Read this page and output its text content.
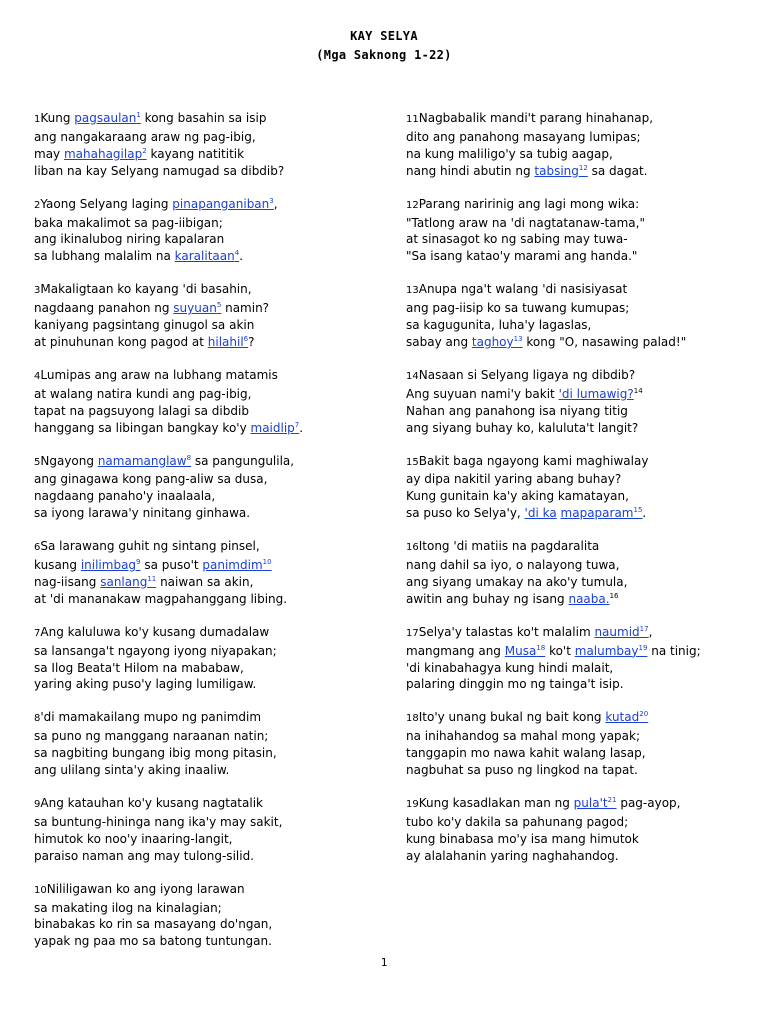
KAY SELYA
(Mga Saknong 1-22)
1Kung pagsaulan$^1$ kong basahin sa isip
ang nangakaraang araw ng pag-ibig,
may mahahagilap$^2$ kayang natititik
liban na kay Selyang namugad sa dibdib?
2Yaong Selyang laging pinapanganiban$^3$,
baka makalimot sa pag-iibigan;
ang ikinalubog niring kapalaran
sa lubhang malalim na karalitaan$^4$.
3Makaligtaan ko kayang 'di basahin,
nagdaang panahon ng suyuan$^5$ namin?
kaniyang pagsintang ginugol sa akin
at pinuhunan kong pagod at hilahil$^6$?
4Lumipas ang araw na lubhang matamis
at walang natira kundi ang pag-ibig,
tapat na pagsuyong lalagi sa dibdib
hanggang sa libingan bangkay ko'y maidlip$^7$.
5Ngayong namamanglaw$^8$ sa pangungulila,
ang ginagawa kong pang-aliw sa dusa,
nagdaang panaho'y inaalaala,
sa iyong larawa'y ninitang ginhawa.
6Sa larawang guhit ng sintang pinsel,
kusang inilimbag$^9$ sa puso't panimdim$^{10}$
nag-iisang sanlang$^{11}$ naiwan sa akin,
at 'di mananakaw magpahanggang libing.
7Ang kaluluwa ko'y kusang dumadalaw
sa lansanga't ngayong iyong niyapakan;
sa Ilog Beata't Hilom na mababaw,
yaring aking puso'y laging lumiligaw.
8'di mamakailang mupo ng panimdim
sa puno ng manggang naraanan natin;
sa nagbiting bungang ibig mong pitasin,
ang ulilang sinta'y aking inaaliw.
9Ang katauhan ko'y kusang nagtatalik
sa buntung-hininga nang ika'y may sakit,
himutok ko noo'y inaaring-langit,
paraiso naman ang may tulong-silid.
10Nililigawan ko ang iyong larawan
sa makating ilog na kinalagian;
binabakas ko rin sa masayang do'ngan,
yapak ng paa mo sa batong tuntungan.
11Nagbabalik mandi't parang hinahanap,
dito ang panahong masayang lumipas;
na kung maliligo'y sa tubig aagap,
nang hindi abutin ng tabsing$^{12}$ sa dagat.
12Parang naririnig ang lagi mong wika:
"Tatlong araw na 'di nagtatanaw-tama,"
at sinasagot ko ng sabing may tuwa-
"Sa isang katao'y marami ang handa."
13Anupa nga't walang 'di nasisiyasat
ang pag-iisip ko sa tuwang kumupas;
sa kagugunita, luha'y lagaslas,
sabay ang taghoy$^{13}$ kong "O, nasawing palad!"
14Nasaan si Selyang ligaya ng dibdib?
Ang suyuan nami'y bakit 'di lumawig?$^{14}$
Nahan ang panahong isa niyang titig
ang siyang buhay ko, kaluluta't langit?
15Bakit baga ngayong kami maghiwalay
ay dipa nakitil yaring abang buhay?
Kung gunitain ka'y aking kamatayan,
sa puso ko Selya'y, 'di ka mapaparam$^{15}$.
16Itong 'di matiis na pagdaralita
nang dahil sa iyo, o nalayong tuwa,
ang siyang umakay na ako'y tumula,
awitin ang buhay ng isang naaba.$^{16}$
17Selya'y talastas ko't malalim naumid$^{17}$,
mangmang ang Musa$^{18}$ ko't malumbay$^{19}$ na tinig;
'di kinabahagya kung hindi malait,
palaring dinggin mo ng tainga't isip.
18Ito'y unang bukal ng bait kong kutad$^{20}$
na inihahandog sa mahal mong yapak;
tanggapin mo nawa kahit walang lasap,
nagbuhat sa puso ng lingkod na tapat.
19Kung kasadlakan man ng $pula't^{21}$ pag-ayop,
tubo ko'y dakila sa pahunang pagod;
kung binabasa mo'y isa mang himutok
ay alalahanin yaring naghahandog.
1
